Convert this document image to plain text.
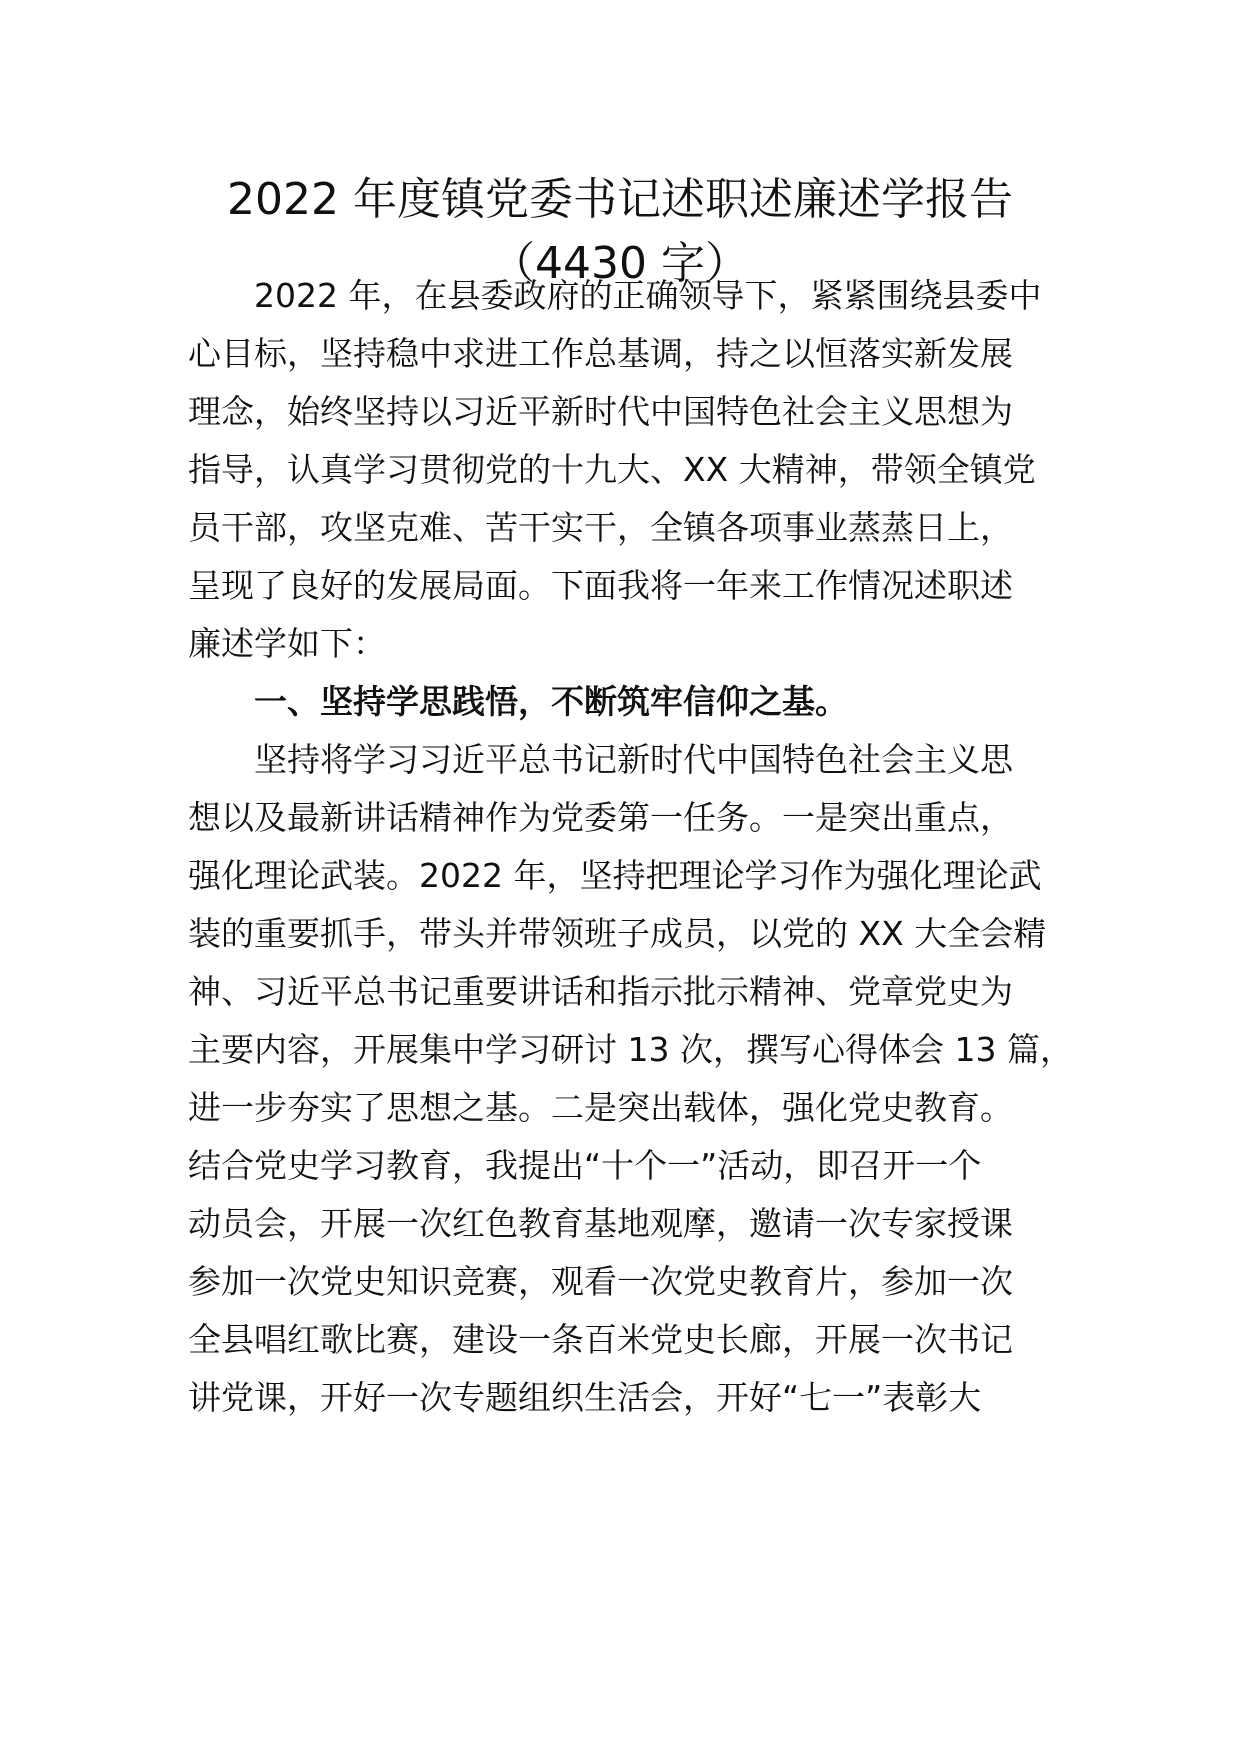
2022 年度镇党委书记述职述廉述学报告
（4430 字）

2022 年，在县委政府的正确领导下，紧紧围绕县委中

心目标，坚持稳中求进工作总基调，持之以恒落实新发展

理念，始终坚持以习近平新时代中国特色社会主义思想为

指导，认真学习贯彻党的十九大、XX 大精神，带领全镇党

员干部，攻坚克难、苦干实干，全镇各项事业蒸蒸日上，

呈现了良好的发展局面。下面我将一年来工作情况述职述

廉述学如下：

一、坚持学思践悟，不断筑牢信仰之基。

坚持将学习习近平总书记新时代中国特色社会主义思

想以及最新讲话精神作为党委第一任务。一是突出重点，

强化理论武装。2022 年，坚持把理论学习作为强化理论武

装的重要抓手，带头并带领班子成员，以党的 XX 大全会精

神、习近平总书记重要讲话和指示批示精神、党章党史为

主要内容，开展集中学习研讨 13 次，撰写心得体会 13 篇，

进一步夯实了思想之基。二是突出载体，强化党史教育。

结合党史学习教育，我提出“十个一”活动，即召开一个

动员会，开展一次红色教育基地观摩，邀请一次专家授课

参加一次党史知识竞赛，观看一次党史教育片，参加一次

全县唱红歌比赛，建设一条百米党史长廊，开展一次书记

讲党课，开好一次专题组织生活会，开好“七一”表彰大
